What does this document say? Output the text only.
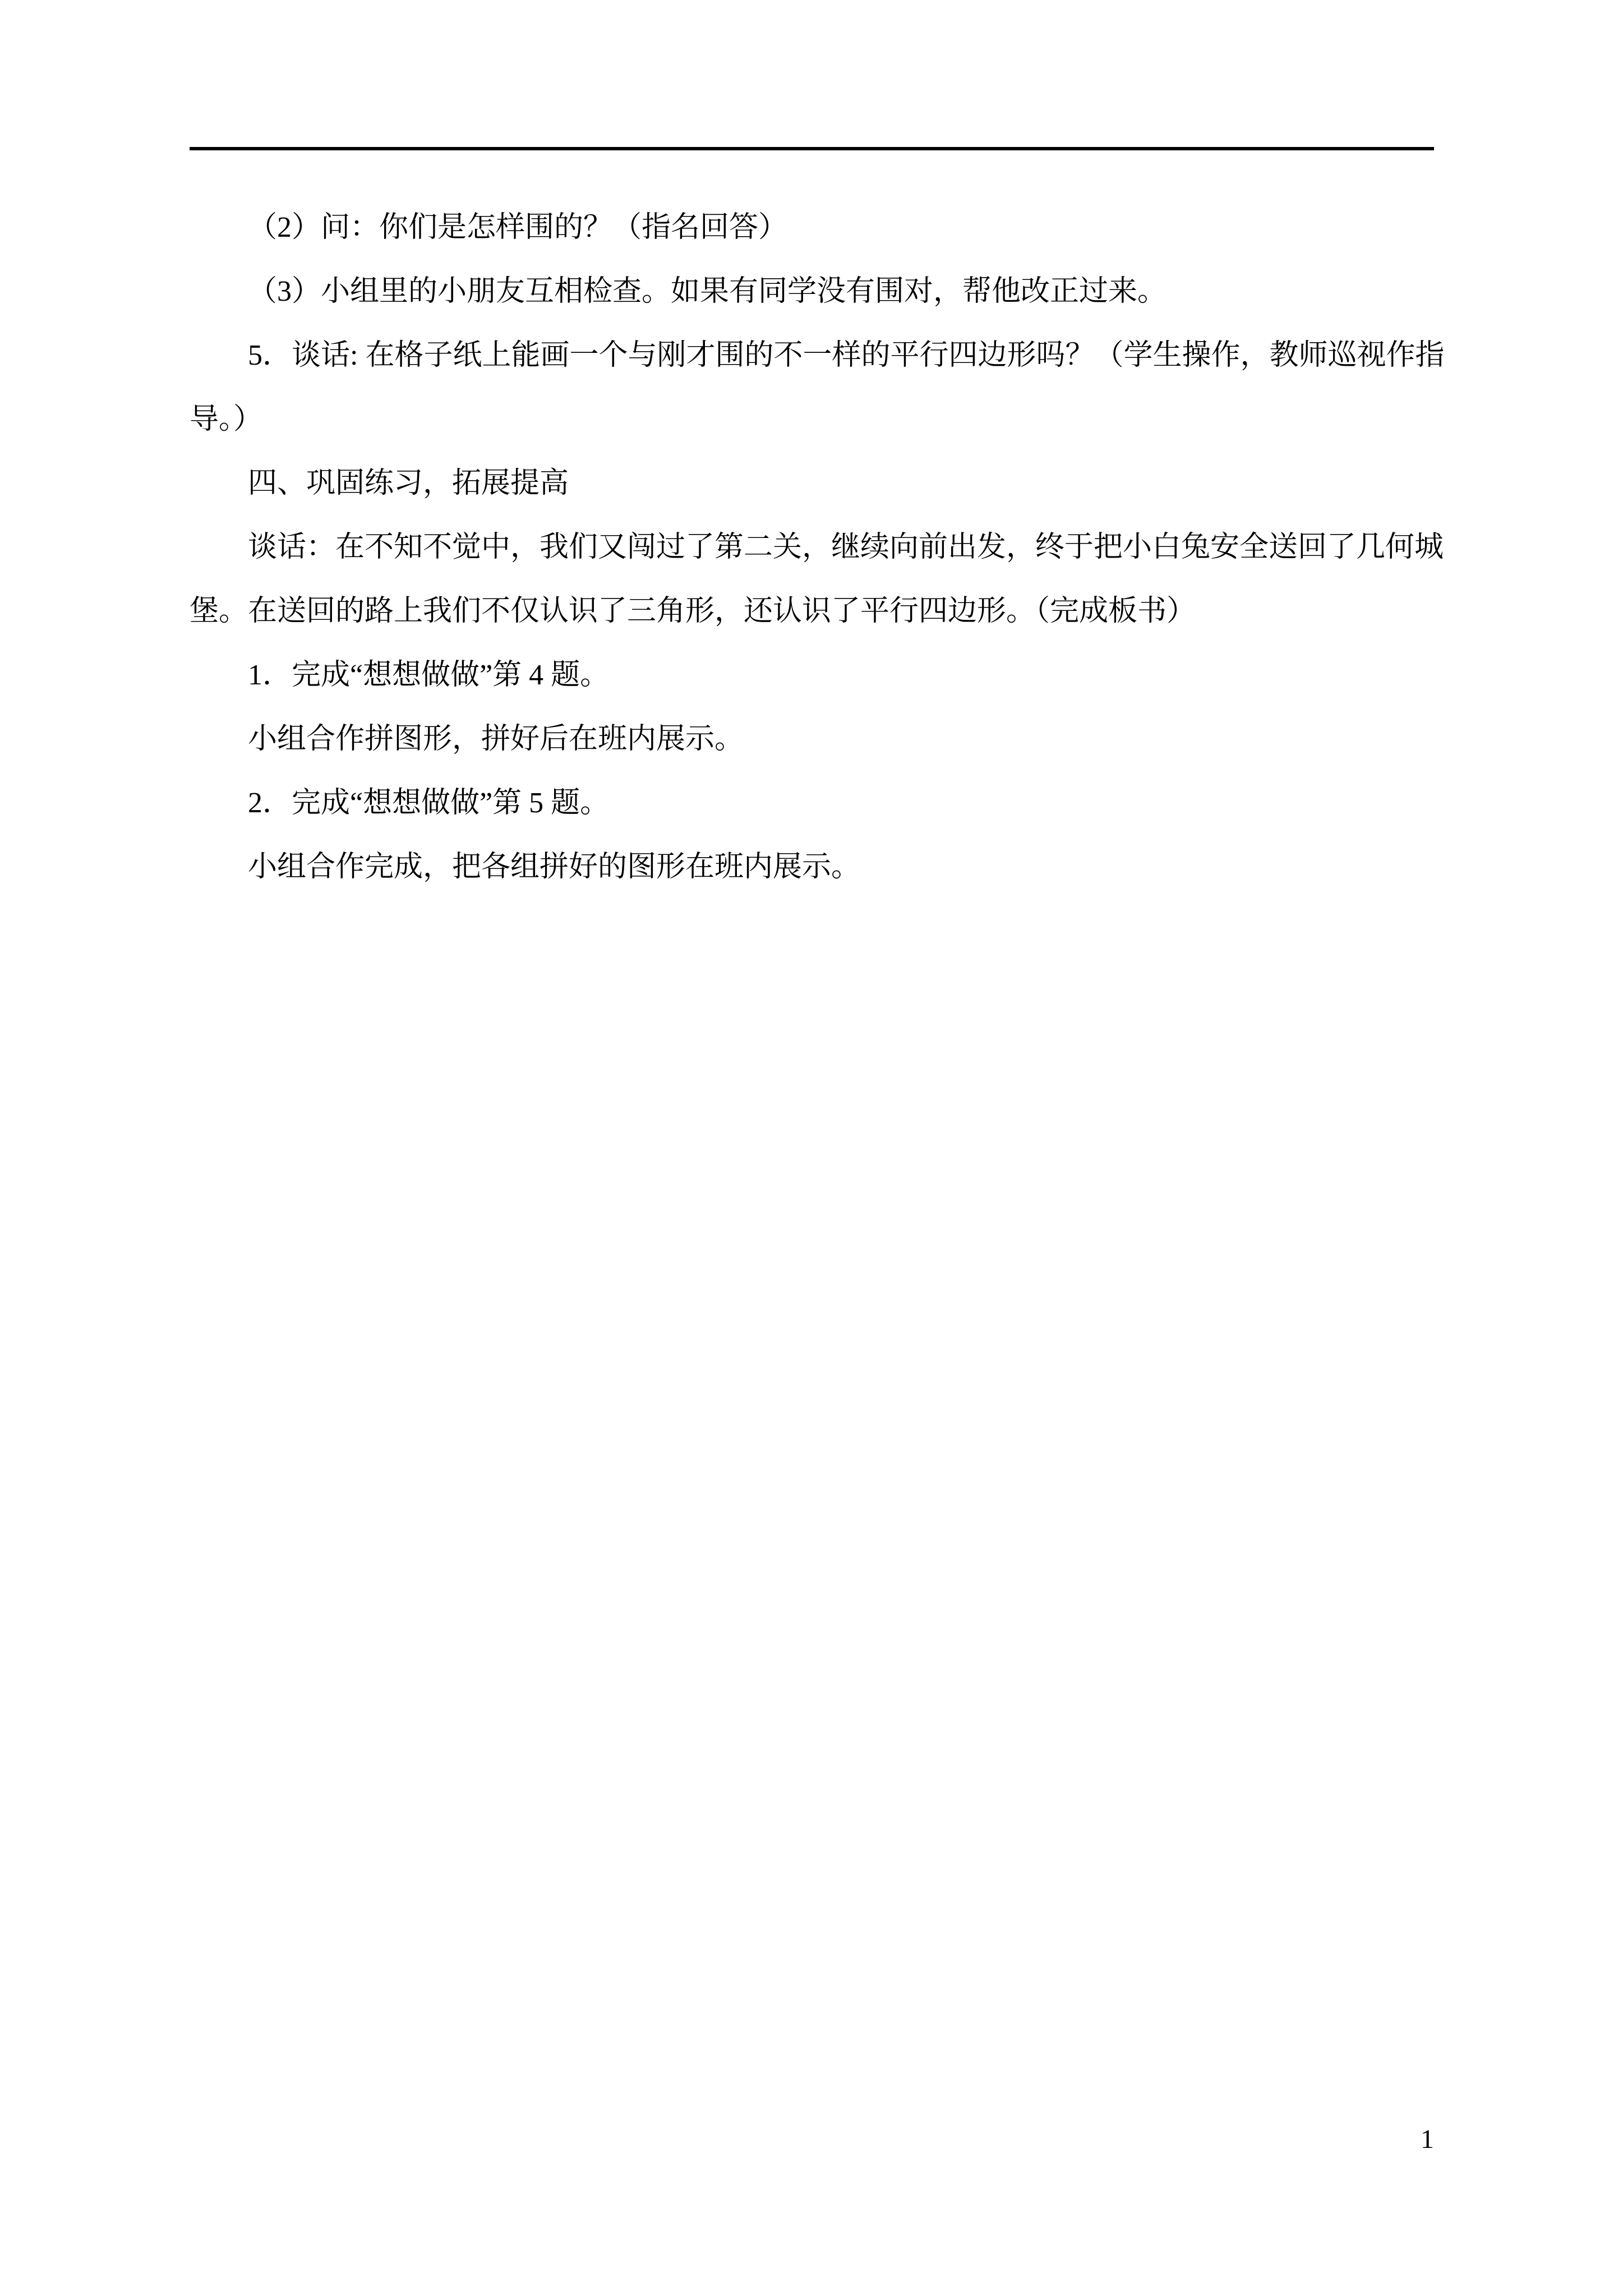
（2）问：你们是怎样围的？（指名回答）
（3）小组里的小朋友互相检查。如果有同学没有围对，帮他改正过来。
5．谈话: 在格子纸上能画一个与刚才围的不一样的平行四边形吗？（学生操作，教师巡视作指
导。）
四、巩固练习，拓展提高
谈话：在不知不觉中，我们又闯过了第二关，继续向前出发，终于把小白兔安全送回了几何城
堡。在送回的路上我们不仅认识了三角形，还认识了平行四边形。（完成板书）
1．完成“想想做做”第 4 题。
小组合作拼图形，拼好后在班内展示。
2．完成“想想做做”第 5 题。
小组合作完成，把各组拼好的图形在班内展示。
1
